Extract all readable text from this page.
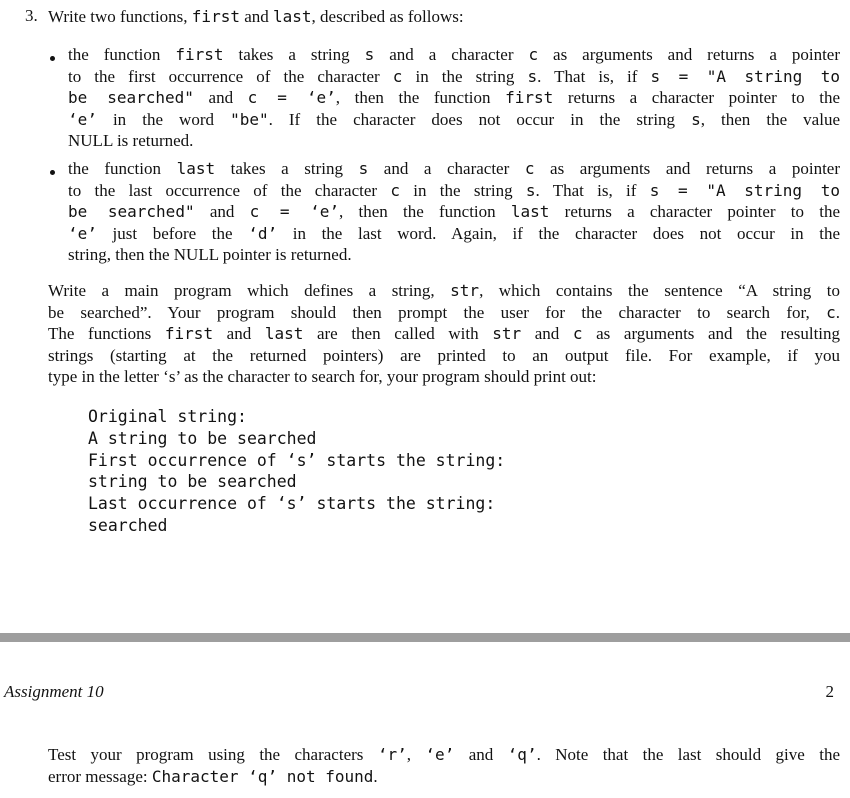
3. Write two functions, first and last, described as follows:
the function first takes a string s and a character c as arguments and returns a pointer
to the first occurrence of the character c in the string s. That is, if s = "A string to
be searched" and c = ‘e’, then the function first returns a character pointer to the
‘e’ in the word "be". If the character does not occur in the string s, then the value
NULL is returned.
the function last takes a string s and a character c as arguments and returns a pointer
to the last occurrence of the character c in the string s. That is, if s = "A string to
be searched" and c = ‘e’, then the function last returns a character pointer to the
‘e’ just before the ‘d’ in the last word. Again, if the character does not occur in the
string, then the NULL pointer is returned.
Write a main program which defines a string, str, which contains the sentence “A string to
be searched”. Your program should then prompt the user for the character to search for, c.
The functions first and last are then called with str and c as arguments and the resulting
strings (starting at the returned pointers) are printed to an output file. For example, if you
type in the letter ‘s’ as the character to search for, your program should print out:
Original string:
A string to be searched
First occurrence of ‘s’ starts the string:
string to be searched
Last occurrence of ‘s’ starts the string:
searched
Assignment 10	2
Test your program using the characters ‘r’, ‘e’ and ‘q’. Note that the last should give the
error message: Character ‘q’ not found.
